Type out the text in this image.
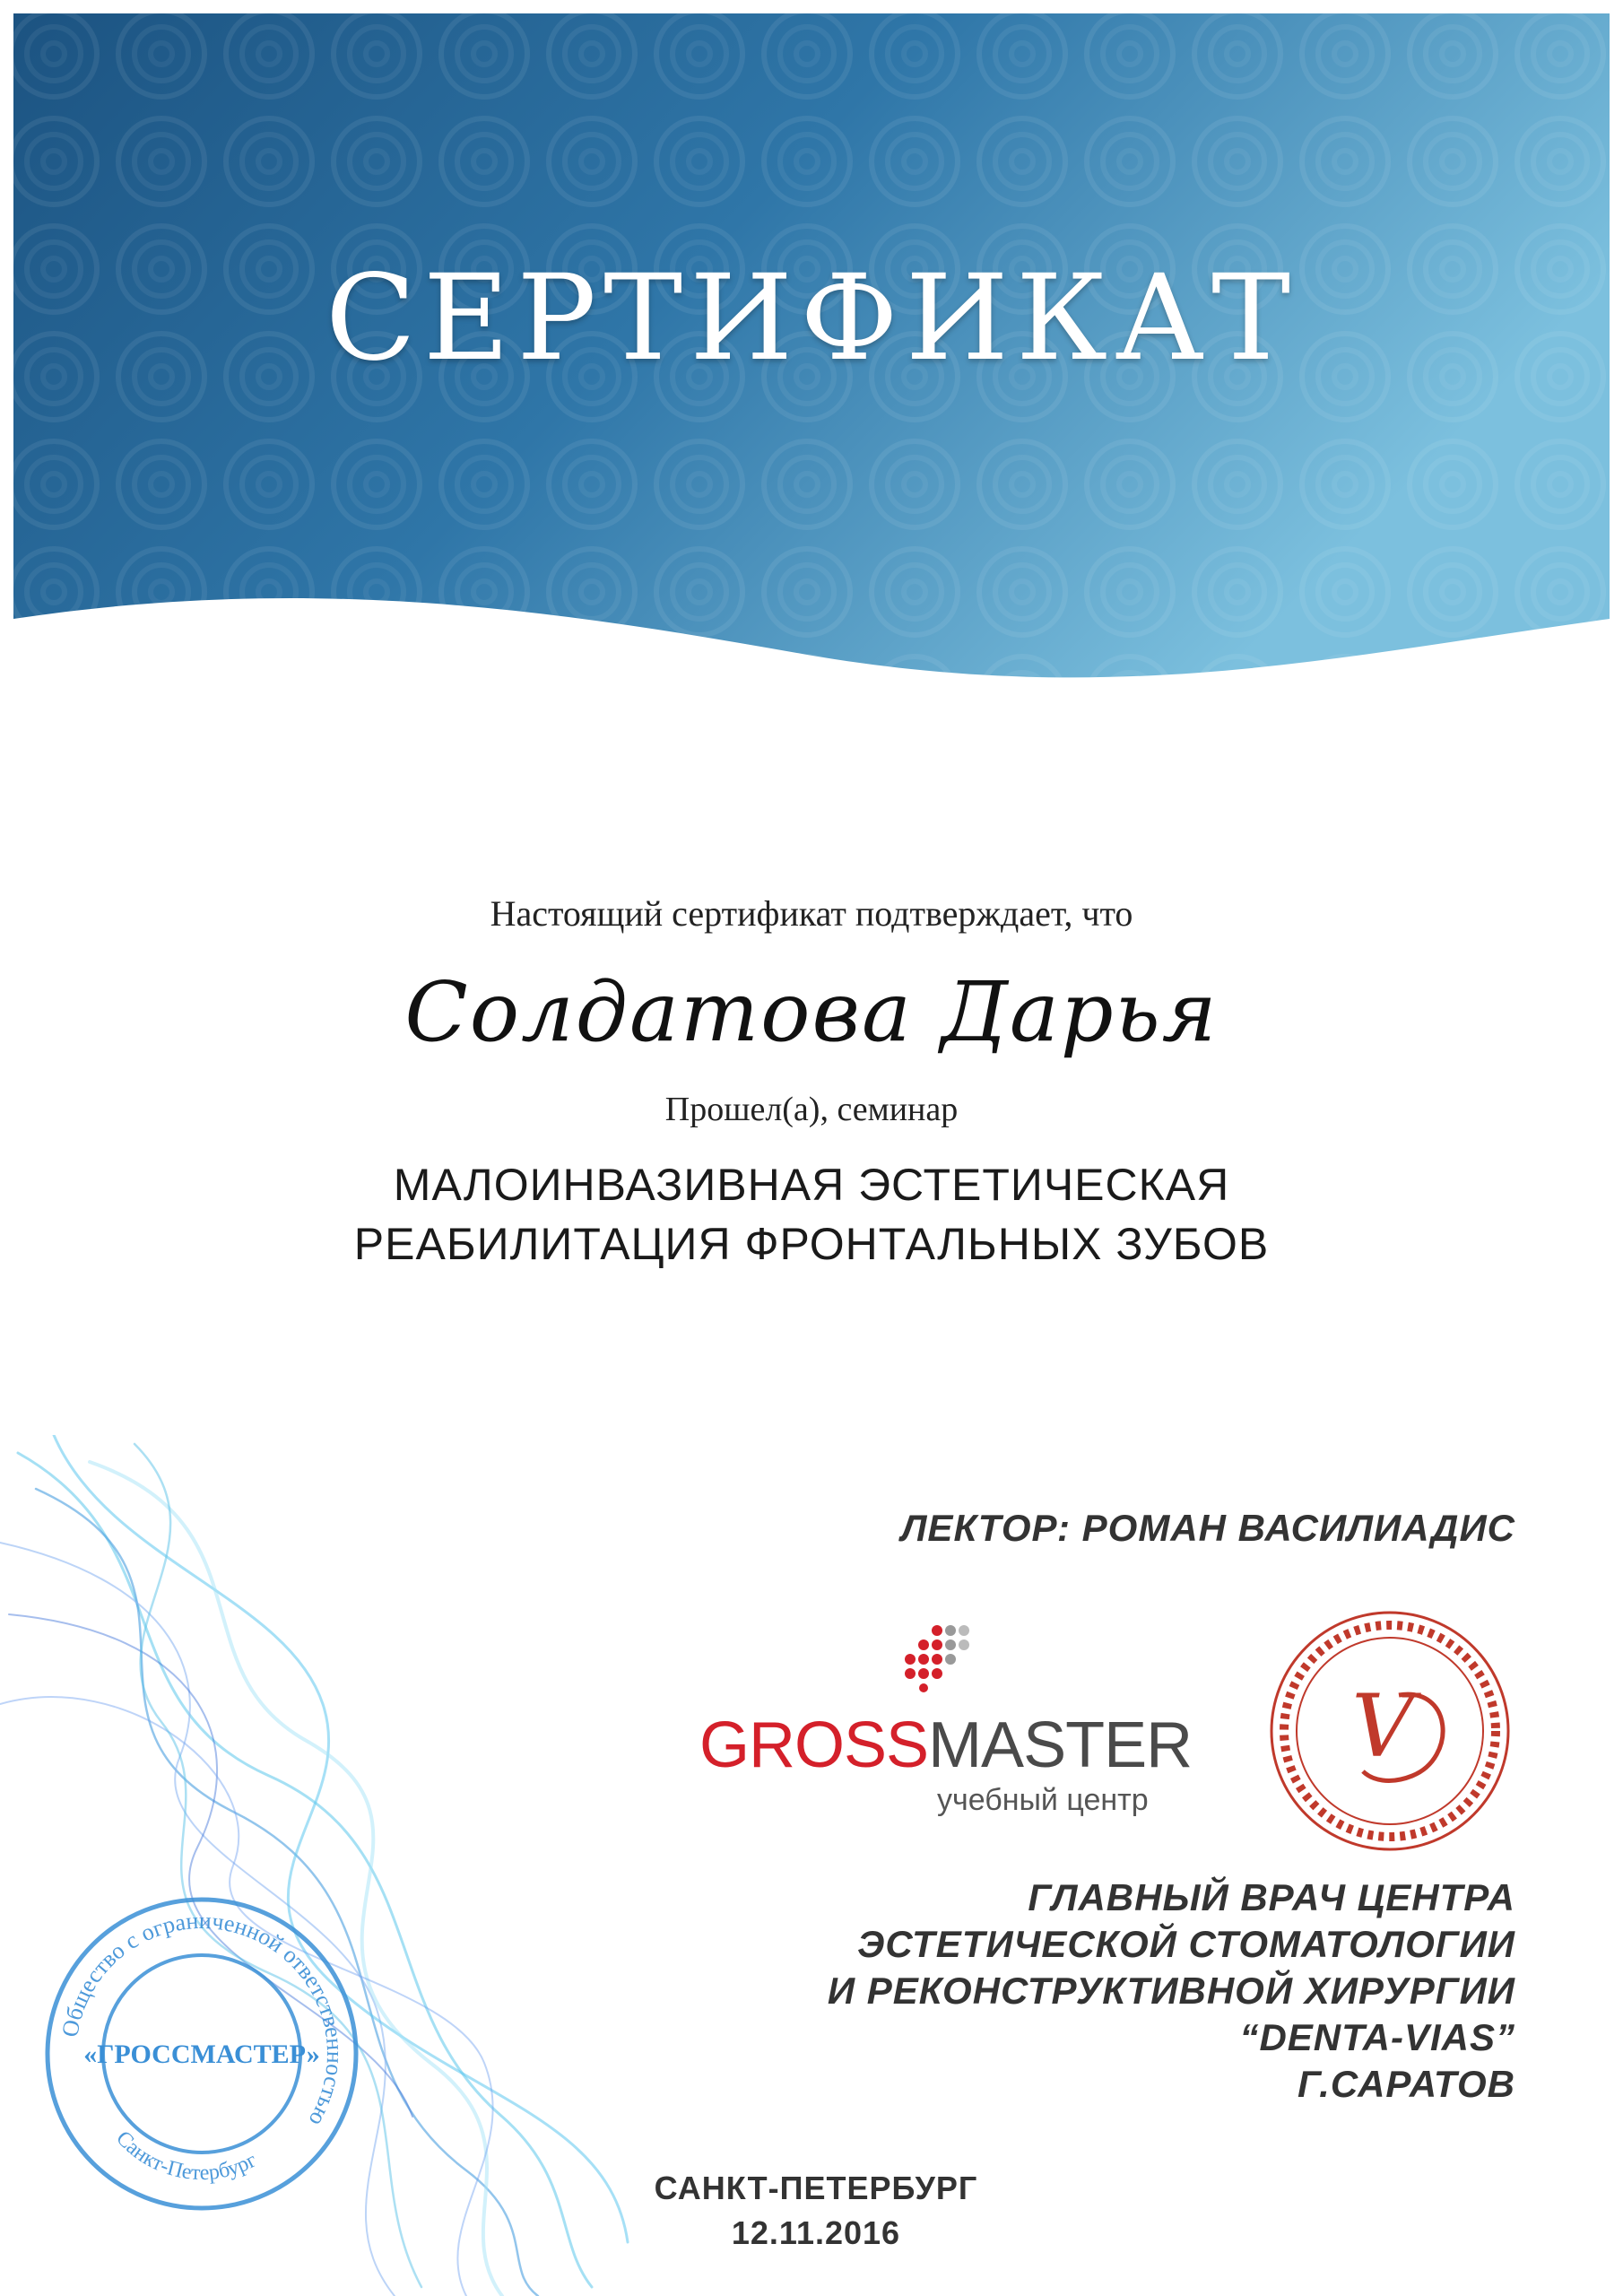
СЕРТИФИКАТ
Настоящий сертификат подтверждает, что
Солдатова Дарья
Прошел(а), семинар
МАЛОИНВАЗИВНАЯ ЭСТЕТИЧЕСКАЯ
РЕАБИЛИТАЦИЯ ФРОНТАЛЬНЫХ ЗУБОВ
ЛЕКТОР: РОМАН ВАСИЛИАДИС
GROSSMASTER
учебный центр
V
ГЛАВНЫЙ ВРАЧ ЦЕНТРА
ЭСТЕТИЧЕСКОЙ СТОМАТОЛОГИИ
И РЕКОНСТРУКТИВНОЙ ХИРУРГИИ
“DENTA-VIAS”
Г.САРАТОВ
Общество с ограниченной ответственностью
Санкт-Петербург
«ГРОССМАСТЕР»
САНКТ-ПЕТЕРБУРГ
12.11.2016
